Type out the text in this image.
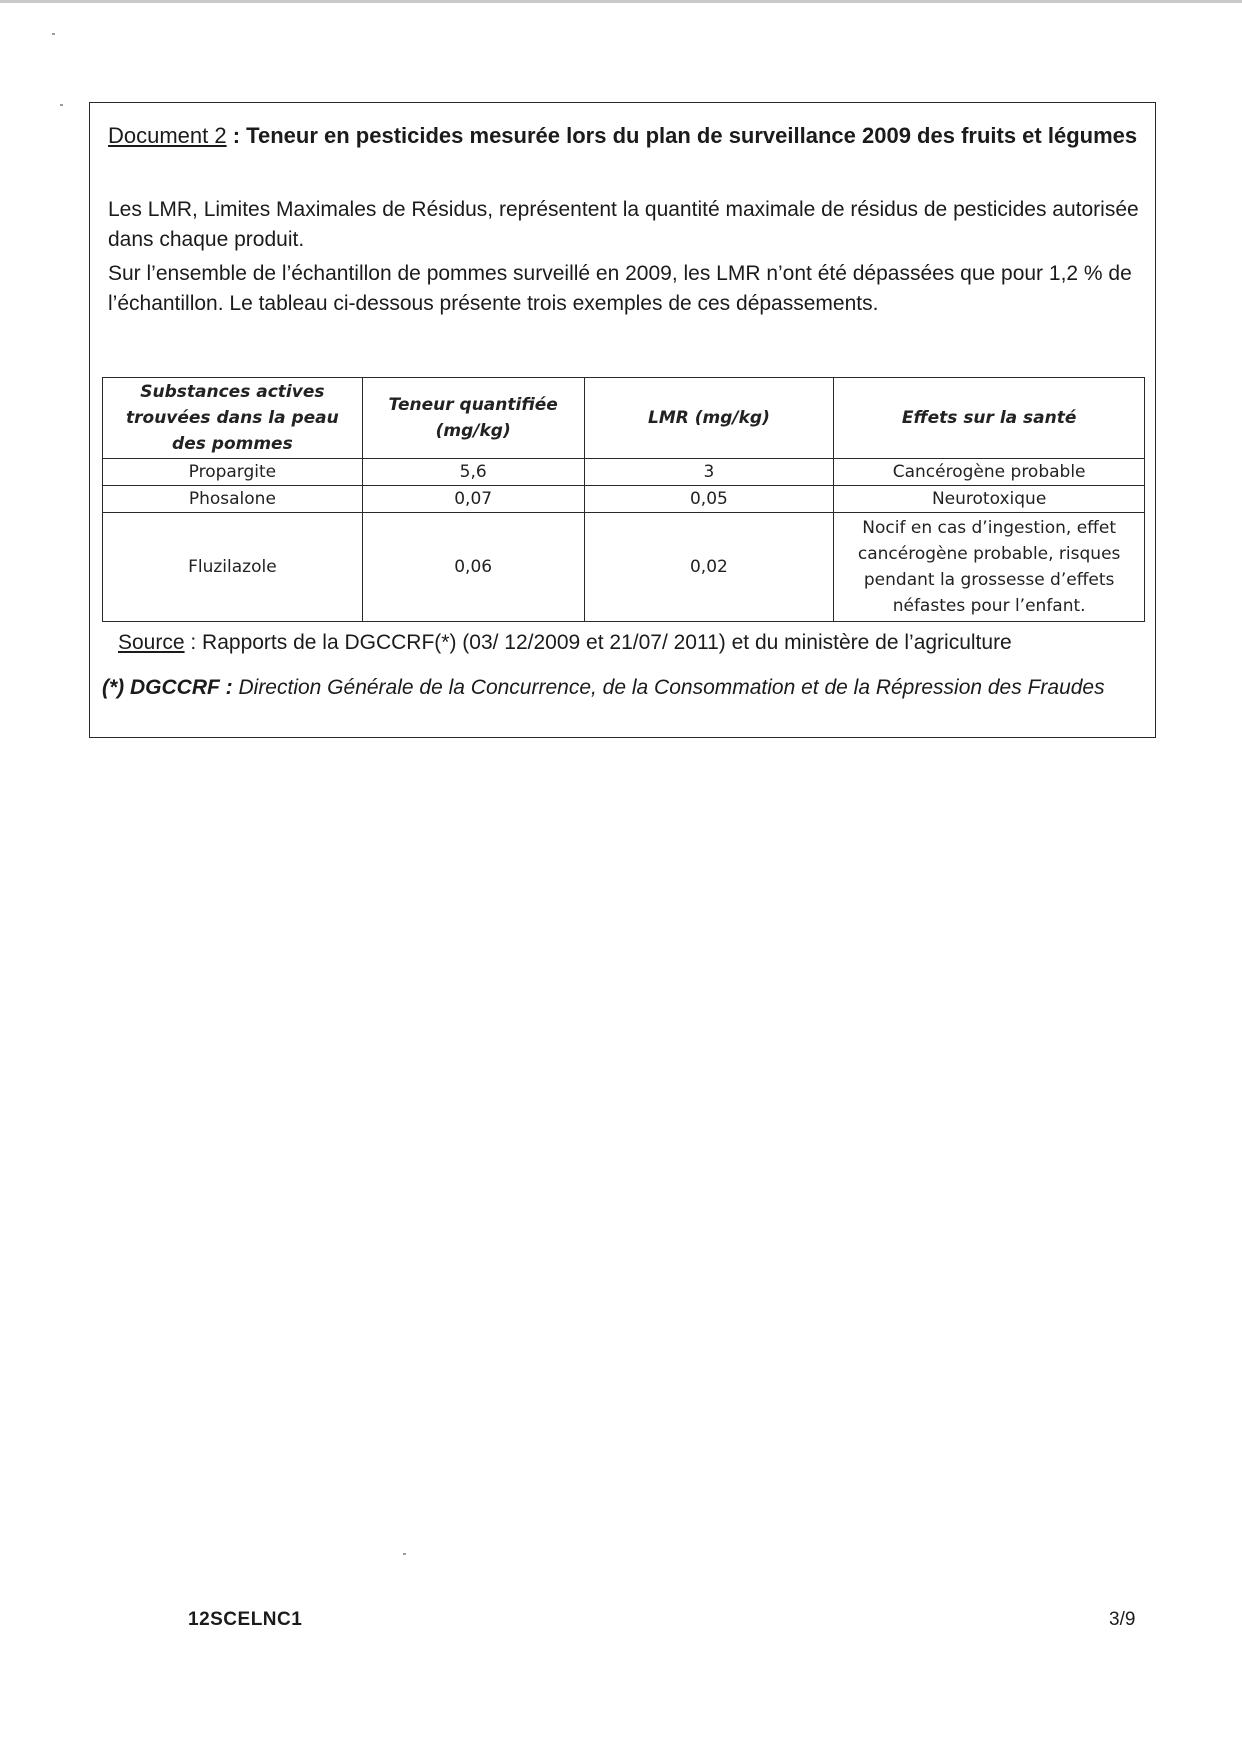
Document 2 : Teneur en pesticides mesurée lors du plan de surveillance 2009 des fruits et légumes
Les LMR, Limites Maximales de Résidus, représentent la quantité maximale de résidus de pesticides autorisée dans chaque produit.
Sur l’ensemble de l’échantillon de pommes surveillé en 2009, les LMR n’ont été dépassées que pour 1,2 % de l’échantillon. Le tableau ci-dessous présente trois exemples de ces dépassements.
Substances actives trouvées dans la peau des pommes	Teneur quantifiée (mg/kg)	LMR (mg/kg)	Effets sur la santé
Propargite	5,6	3	Cancérogène probable
Phosalone	0,07	0,05	Neurotoxique
Fluzilazole	0,06	0,02	Nocif en cas d’ingestion, effet cancérogène probable, risques pendant la grossesse d’effets néfastes pour l’enfant.
Source : Rapports de la DGCCRF(*) (03/ 12/2009 et 21/07/ 2011) et du ministère de l’agriculture
(*) DGCCRF : Direction Générale de la Concurrence, de la Consommation et de la Répression des Fraudes
12SCELNC1	3/9
